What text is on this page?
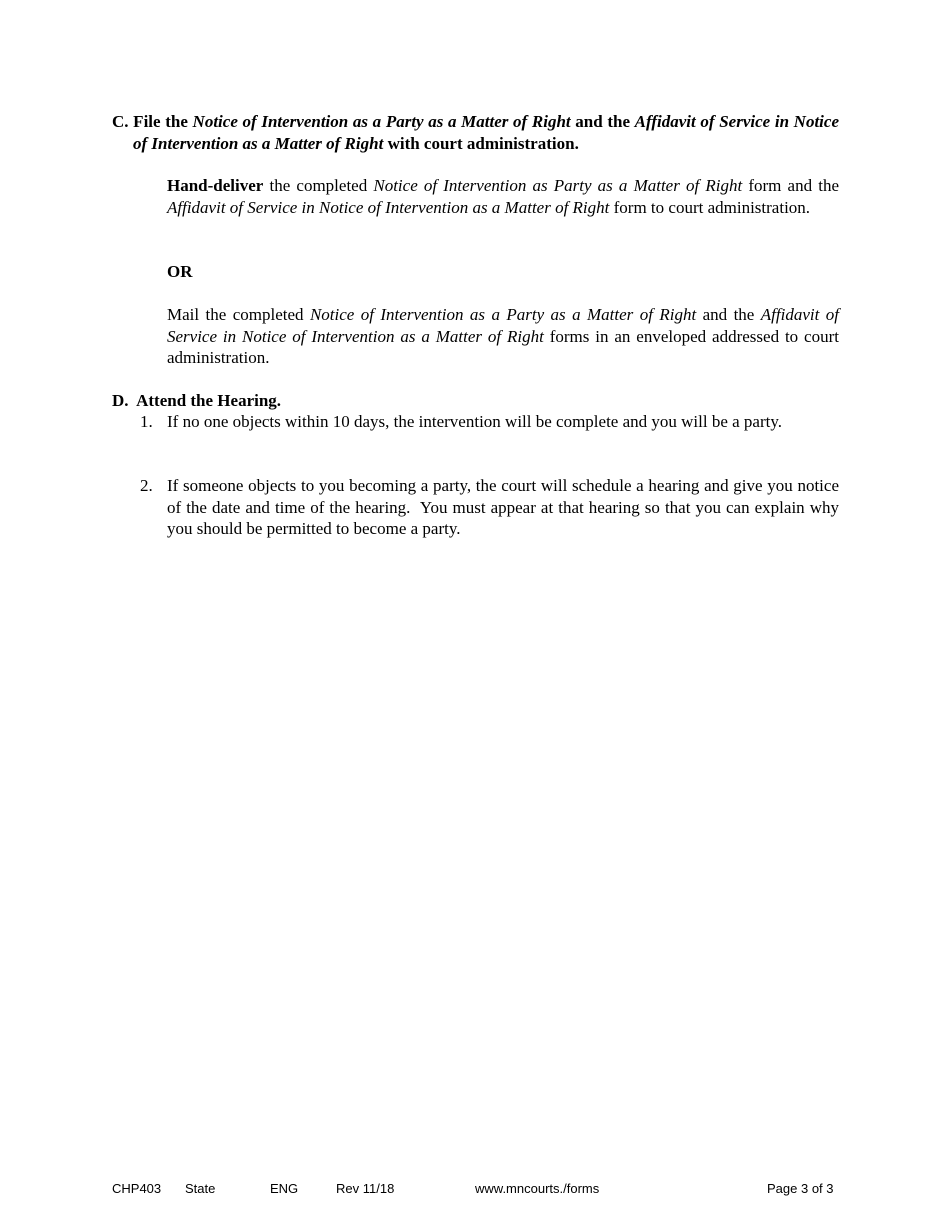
C. File the Notice of Intervention as a Party as a Matter of Right and the Affidavit of Service in Notice of Intervention as a Matter of Right with court administration.
Hand-deliver the completed Notice of Intervention as Party as a Matter of Right form and the Affidavit of Service in Notice of Intervention as a Matter of Right form to court administration.
OR
Mail the completed Notice of Intervention as a Party as a Matter of Right and the Affidavit of Service in Notice of Intervention as a Matter of Right forms in an enveloped addressed to court administration.
D.  Attend the Hearing.
1. If no one objects within 10 days, the intervention will be complete and you will be a party.
2. If someone objects to you becoming a party, the court will schedule a hearing and give you notice of the date and time of the hearing.  You must appear at that hearing so that you can explain why you should be permitted to become a party.
CHP403 State	ENG	Rev 11/18	www.mncourts./forms	Page 3 of 3
